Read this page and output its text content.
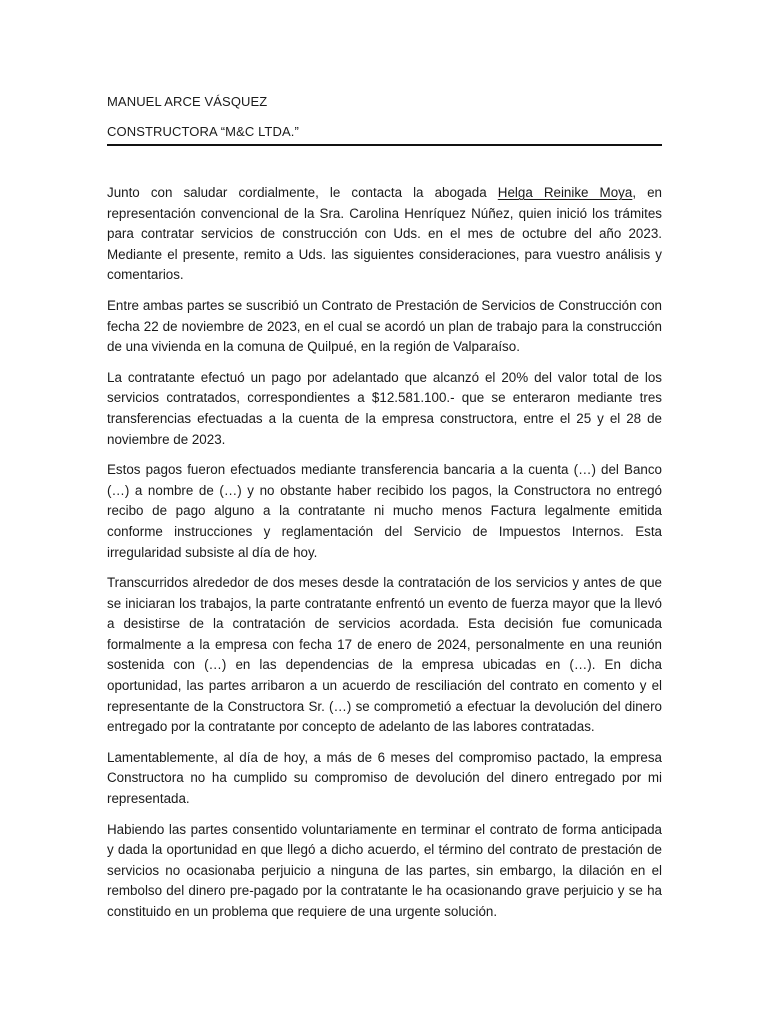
MANUEL ARCE VÁSQUEZ

CONSTRUCTORA “M&C LTDA.”

Junto con saludar cordialmente, le contacta la abogada Helga Reinike Moya, en representación convencional de la Sra. Carolina Henríquez Núñez, quien inició los trámites para contratar servicios de construcción con Uds. en el mes de octubre del año 2023. Mediante el presente, remito a Uds. las siguientes consideraciones, para vuestro análisis y comentarios.

Entre ambas partes se suscribió un Contrato de Prestación de Servicios de Construcción con fecha 22 de noviembre de 2023, en el cual se acordó un plan de trabajo para la construcción de una vivienda en la comuna de Quilpué, en la región de Valparaíso.

La contratante efectuó un pago por adelantado que alcanzó el 20% del valor total de los servicios contratados, correspondientes a $12.581.100.- que se enteraron mediante tres transferencias efectuadas a la cuenta de la empresa constructora, entre el 25 y el 28 de noviembre de 2023.

Estos pagos fueron efectuados mediante transferencia bancaria a la cuenta (…) del Banco (…) a nombre de (…) y no obstante haber recibido los pagos, la Constructora no entregó recibo de pago alguno a la contratante ni mucho menos Factura legalmente emitida conforme instrucciones y reglamentación del Servicio de Impuestos Internos. Esta irregularidad subsiste al día de hoy.

Transcurridos alrededor de dos meses desde la contratación de los servicios y antes de que se iniciaran los trabajos, la parte contratante enfrentó un evento de fuerza mayor que la llevó a desistirse de la contratación de servicios acordada. Esta decisión fue comunicada formalmente a la empresa con fecha 17 de enero de 2024, personalmente en una reunión sostenida con (…) en las dependencias de la empresa ubicadas en (…). En dicha oportunidad, las partes arribaron a un acuerdo de resciliación del contrato en comento y el representante de la Constructora Sr. (…) se comprometió a efectuar la devolución del dinero entregado por la contratante por concepto de adelanto de las labores contratadas.

Lamentablemente, al día de hoy, a más de 6 meses del compromiso pactado, la empresa Constructora no ha cumplido su compromiso de devolución del dinero entregado por mi representada.

Habiendo las partes consentido voluntariamente en terminar el contrato de forma anticipada y dada la oportunidad en que llegó a dicho acuerdo, el término del contrato de prestación de servicios no ocasionaba perjuicio a ninguna de las partes, sin embargo, la dilación en el rembolso del dinero pre-pagado por la contratante le ha ocasionando grave perjuicio y se ha constituido en un problema que requiere de una urgente solución.
